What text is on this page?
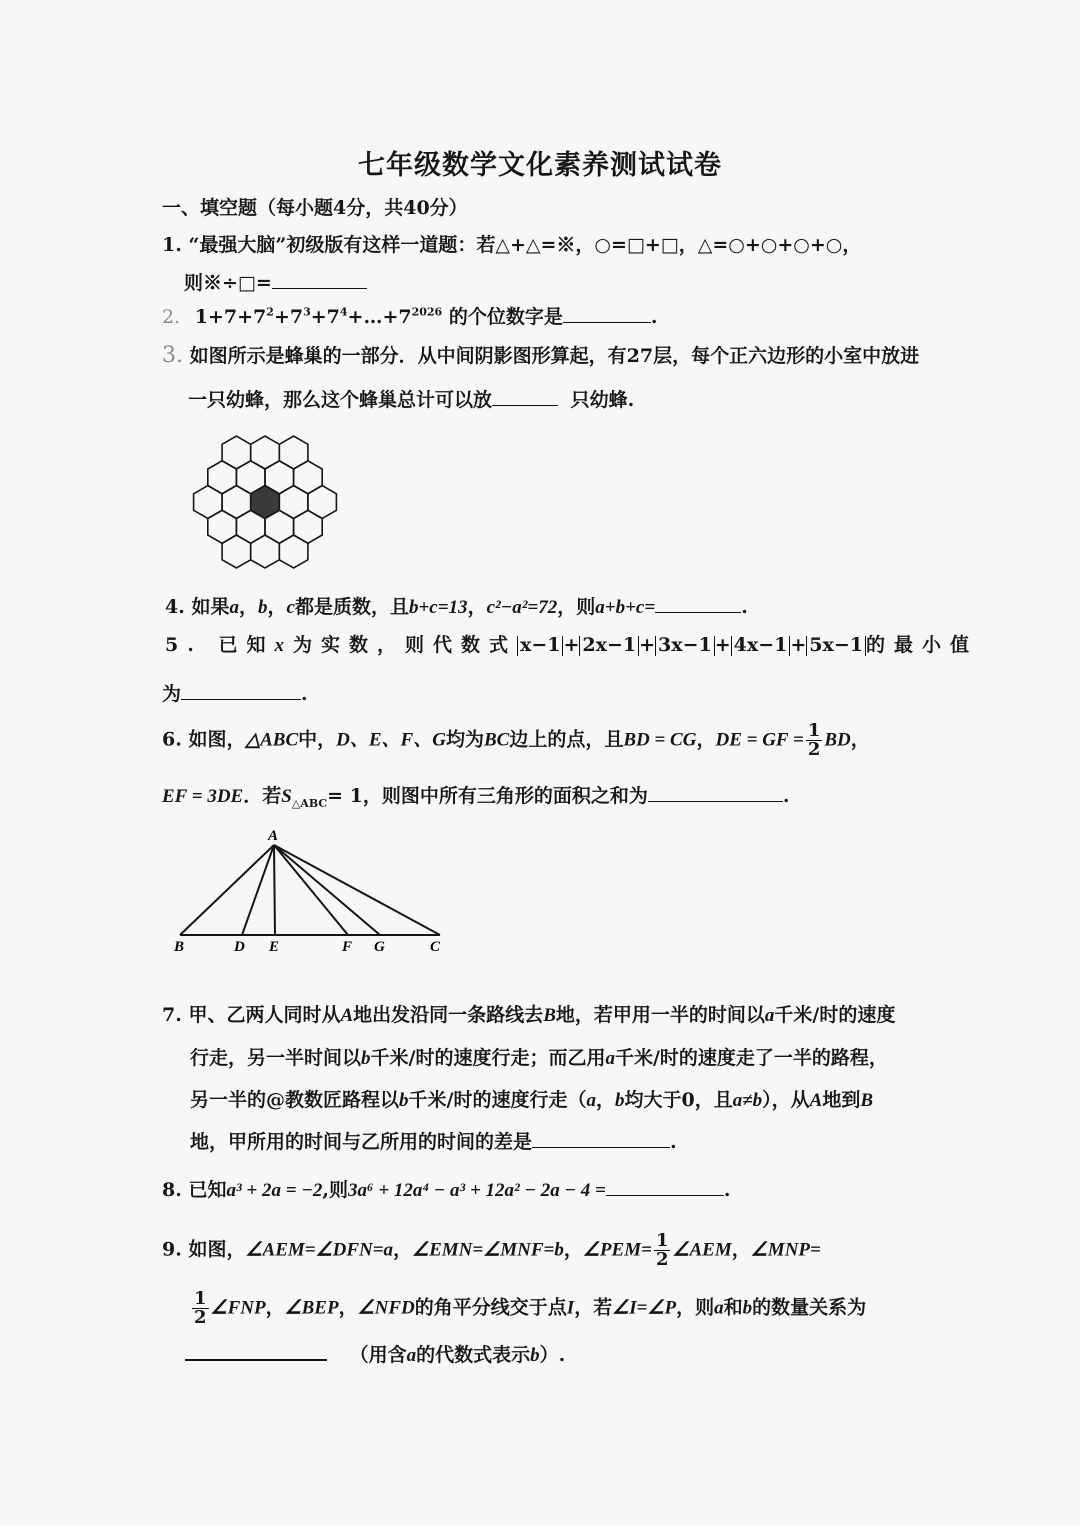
七年级数学文化素养测试试卷
一、填空题（每小题4分，共40分）
1. “最强大脑”初级版有这样一道题：若△+△=※，○=□+□，△=○+○+○+○，
则※÷□=
2. $1+7+7^2+7^3+7^4+\dots+7^{2026}$ 的个位数字是	.
3. 如图所示是蜂巢的一部分．从中间阴影图形算起，有27层，每个正六边形的小室中放进
一只幼蜂，那么这个蜂巢总计可以放	只幼蜂.
4. 如果a，b，c都是质数，且b+c=13，c²−a²=72，则a+b+c=	.
5. 已知x为实数，则代数式 x−1 + 2x−1 + 3x−1 + 4x−1 + 5x−1 的最小值
为	.
6. 如图，△ABC中，D、E、F、G均为BC边上的点，且BD = CG，DE = GF = $\frac{1}{2}$ BD，
EF = 3DE．若$S_{\triangle ABC}= 1$，则图中所有三角形的面积之和为	.
A
B	D E	F G	C
7. 甲、乙两人同时从A地出发沿同一条路线去B地，若甲用一半的时间以a千米/时的速度
行走，另一半时间以b千米/时的速度行走；而乙用a千米/时的速度走了一半的路程，
另一半的@教数匠路程以b千米/时的速度行走（a，b均大于0，且a≠b），从A地到B
地，甲所用的时间与乙所用的时间的差是	.
8. 已知a³ + 2a = −2,则3a⁶ + 12a⁴ − a³ + 12a² − 2a − 4 =	.
9. 如图，∠AEM=∠DFN=a，∠EMN=∠MNF=b，∠PEM= $\frac{1}{2}$ ∠AEM，∠MNP=
$\frac{1}{2}$ ∠FNP，∠BEP，∠NFD的角平分线交于点I，若∠I=∠P，则a和b的数量关系为
（用含a的代数式表示b）.
